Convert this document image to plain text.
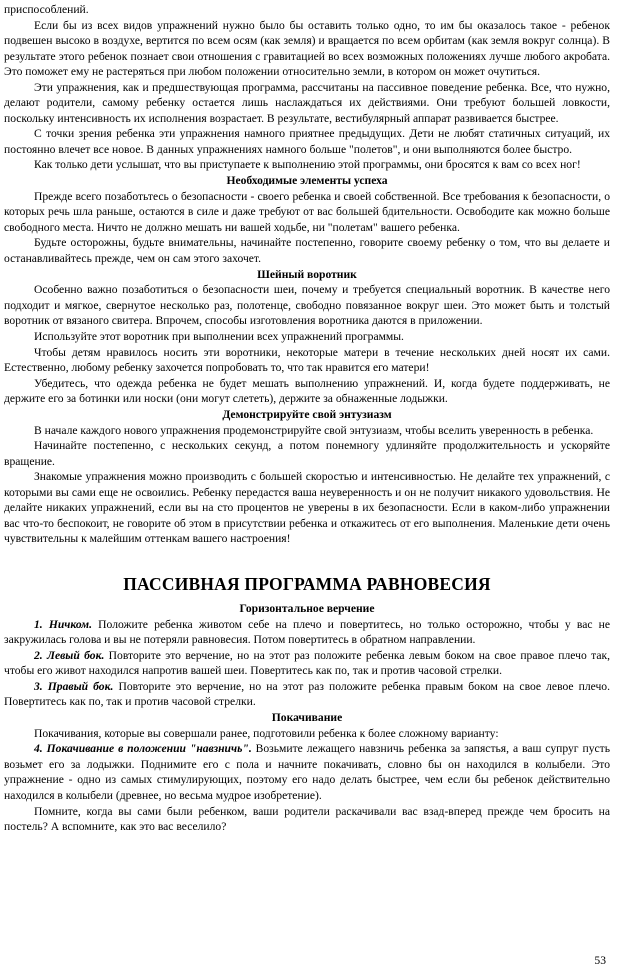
приспособлений.

Если бы из всех видов упражнений нужно было бы оставить только одно, то им бы оказалось такое - ребенок подвешен высоко в воздухе, вертится по всем осям (как земля) и вращается по всем орбитам (как земля вокруг солнца). В результате этого ребенок познает свои отношения с гравитацией во всех возможных положениях лучше любого акробата. Это поможет ему не растеряться при любом положении относительно земли, в котором он может очутиться.

Эти упражнения, как и предшествующая программа, рассчитаны на пассивное поведение ребенка. Все, что нужно, делают родители, самому ребенку остается лишь наслаждаться их действиями. Они требуют большей ловкости, поскольку интенсивность их исполнения возрастает. В результате, вестибулярный аппарат развивается быстрее.

С точки зрения ребенка эти упражнения намного приятнее предыдущих. Дети не любят статичных ситуаций, их постоянно влечет все новое. В данных упражнениях намного больше "полетов", и они выполняются более быстро.

Как только дети услышат, что вы приступаете к выполнению этой программы, они бросятся к вам со всех ног!

Необходимые элементы успеха

Прежде всего позаботьтесь о безопасности - своего ребенка и своей собственной. Все требования к безопасности, о которых речь шла раньше, остаются в силе и даже требуют от вас большей бдительности. Освободите как можно больше свободного места. Ничто не должно мешать ни вашей ходьбе, ни "полетам" вашего ребенка.

Будьте осторожны, будьте внимательны, начинайте постепенно, говорите своему ребенку о том, что вы делаете и останавливайтесь прежде, чем он сам этого захочет.

Шейный воротник

Особенно важно позаботиться о безопасности шеи, почему и требуется специальный воротник. В качестве него подходит и мягкое, свернутое несколько раз, полотенце, свободно повязанное вокруг шеи. Это может быть и толстый воротник от вязаного свитера. Впрочем, способы изготовления воротника даются в приложении.

Используйте этот воротник при выполнении всех упражнений программы.

Чтобы детям нравилось носить эти воротники, некоторые матери в течение нескольких дней носят их сами. Естественно, любому ребенку захочется попробовать то, что так нравится его матери!

Убедитесь, что одежда ребенка не будет мешать выполнению упражнений. И, когда будете поддерживать, не держите его за ботинки или носки (они могут слететь), держите за обнаженные лодыжки.

Демонстрируйте свой энтузиазм

В начале каждого нового упражнения продемонстрируйте свой энтузиазм, чтобы вселить уверенность в ребенка.

Начинайте постепенно, с нескольких секунд, а потом понемногу удлиняйте продолжительность и ускоряйте вращение.

Знакомые упражнения можно производить с большей скоростью и интенсивностью. Не делайте тех упражнений, с которыми вы сами еще не освоились. Ребенку передастся ваша неуверенность и он не получит никакого удовольствия. Не делайте никаких упражнений, если вы на сто процентов не уверены в их безопасности. Если в каком-либо упражнении вас что-то беспокоит, не говорите об этом в присутствии ребенка и откажитесь от его выполнения. Маленькие дети очень чувствительны к малейшим оттенкам вашего настроения!

ПАССИВНАЯ ПРОГРАММА РАВНОВЕСИЯ
Горизонтальное верчение

1. Ничком. Положите ребенка животом себе на плечо и повертитесь, но только осторожно, чтобы у вас не закружилась голова и вы не потеряли равновесия. Потом повертитесь в обратном направлении.

2. Левый бок. Повторите это верчение, но на этот раз положите ребенка левым боком на свое правое плечо так, чтобы его живот находился напротив вашей шеи. Повертитесь как по, так и против часовой стрелки.

3. Правый бок. Повторите это верчение, но на этот раз положите ребенка правым боком на свое левое плечо. Повертитесь как по, так и против часовой стрелки.

Покачивание

Покачивания, которые вы совершали ранее, подготовили ребенка к более сложному варианту:

4. Покачивание в положении "навзничь". Возьмите лежащего навзничь ребенка за запястья, а ваш супруг пусть возьмет его за лодыжки. Поднимите его с пола и начните покачивать, словно бы он находился в колыбели. Это упражнение - одно из самых стимулирующих, поэтому его надо делать быстрее, чем если бы ребенок действительно находился в колыбели (древнее, но весьма мудрое изобретение).

Помните, когда вы сами были ребенком, ваши родители раскачивали вас взад-вперед прежде чем бросить на постель? А вспомните, как это вас веселило?

53
